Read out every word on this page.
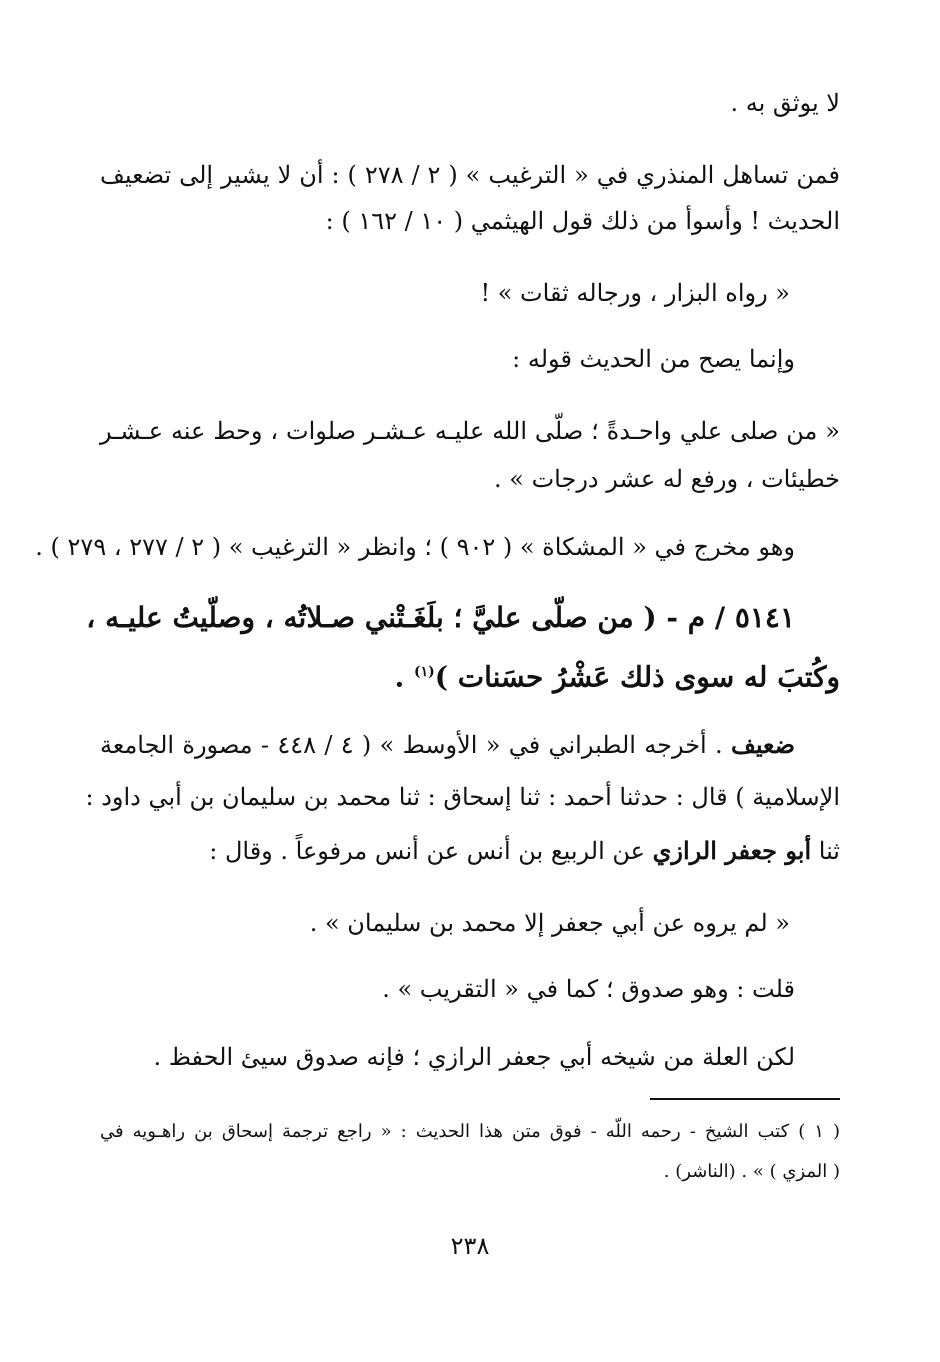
لا يوثق به .
فمن تساهل المنذري في « الترغيب » ( ٢ / ٢٧٨ ) : أن لا يشير إلى تضعيف
الحديث ! وأسوأ من ذلك قول الهيثمي ( ١٠ / ١٦٢ ) :
« رواه البزار ، ورجاله ثقات » !
وإنما يصح من الحديث قوله :
« من صلى علي واحـدةً ؛ صلّى الله عليـه عـشـر صلوات ، وحط عنه عـشـر
خطيئات ، ورفع له عشر درجات » .
وهو مخرج في « المشكاة » ( ٩٠٢ ) ؛ وانظر « الترغيب » ( ٢ / ٢٧٧ ، ٢٧٩ ) .
٥١٤١ / م - ( من صلّى عليَّ ؛ بلَغَـتْني صـلاتُه ، وصلّيتُ عليـه ،
وكُتبَ له سوى ذلك عَشْرُ حسَنات )$^{(١)}$ .
ضعيف . أخرجه الطبراني في « الأوسط » ( ٤ / ٤٤٨ - مصورة الجامعة
الإسلامية ) قال : حدثنا أحمد : ثنا إسحاق : ثنا محمد بن سليمان بن أبي داود :
ثنا أبو جعفر الرازي عن الربيع بن أنس عن أنس مرفوعاً . وقال :
« لم يروه عن أبي جعفر إلا محمد بن سليمان » .
قلت : وهو صدوق ؛ كما في « التقريب » .
لكن العلة من شيخه أبي جعفر الرازي ؛ فإنه صدوق سيئ الحفظ .
( ١ ) كتب الشيخ - رحمه اللّه - فوق متن هذا الحديث : « راجع ترجمة إسحاق بن راهـويه في
( المزي ) » . (الناشر) .
٢٣٨
